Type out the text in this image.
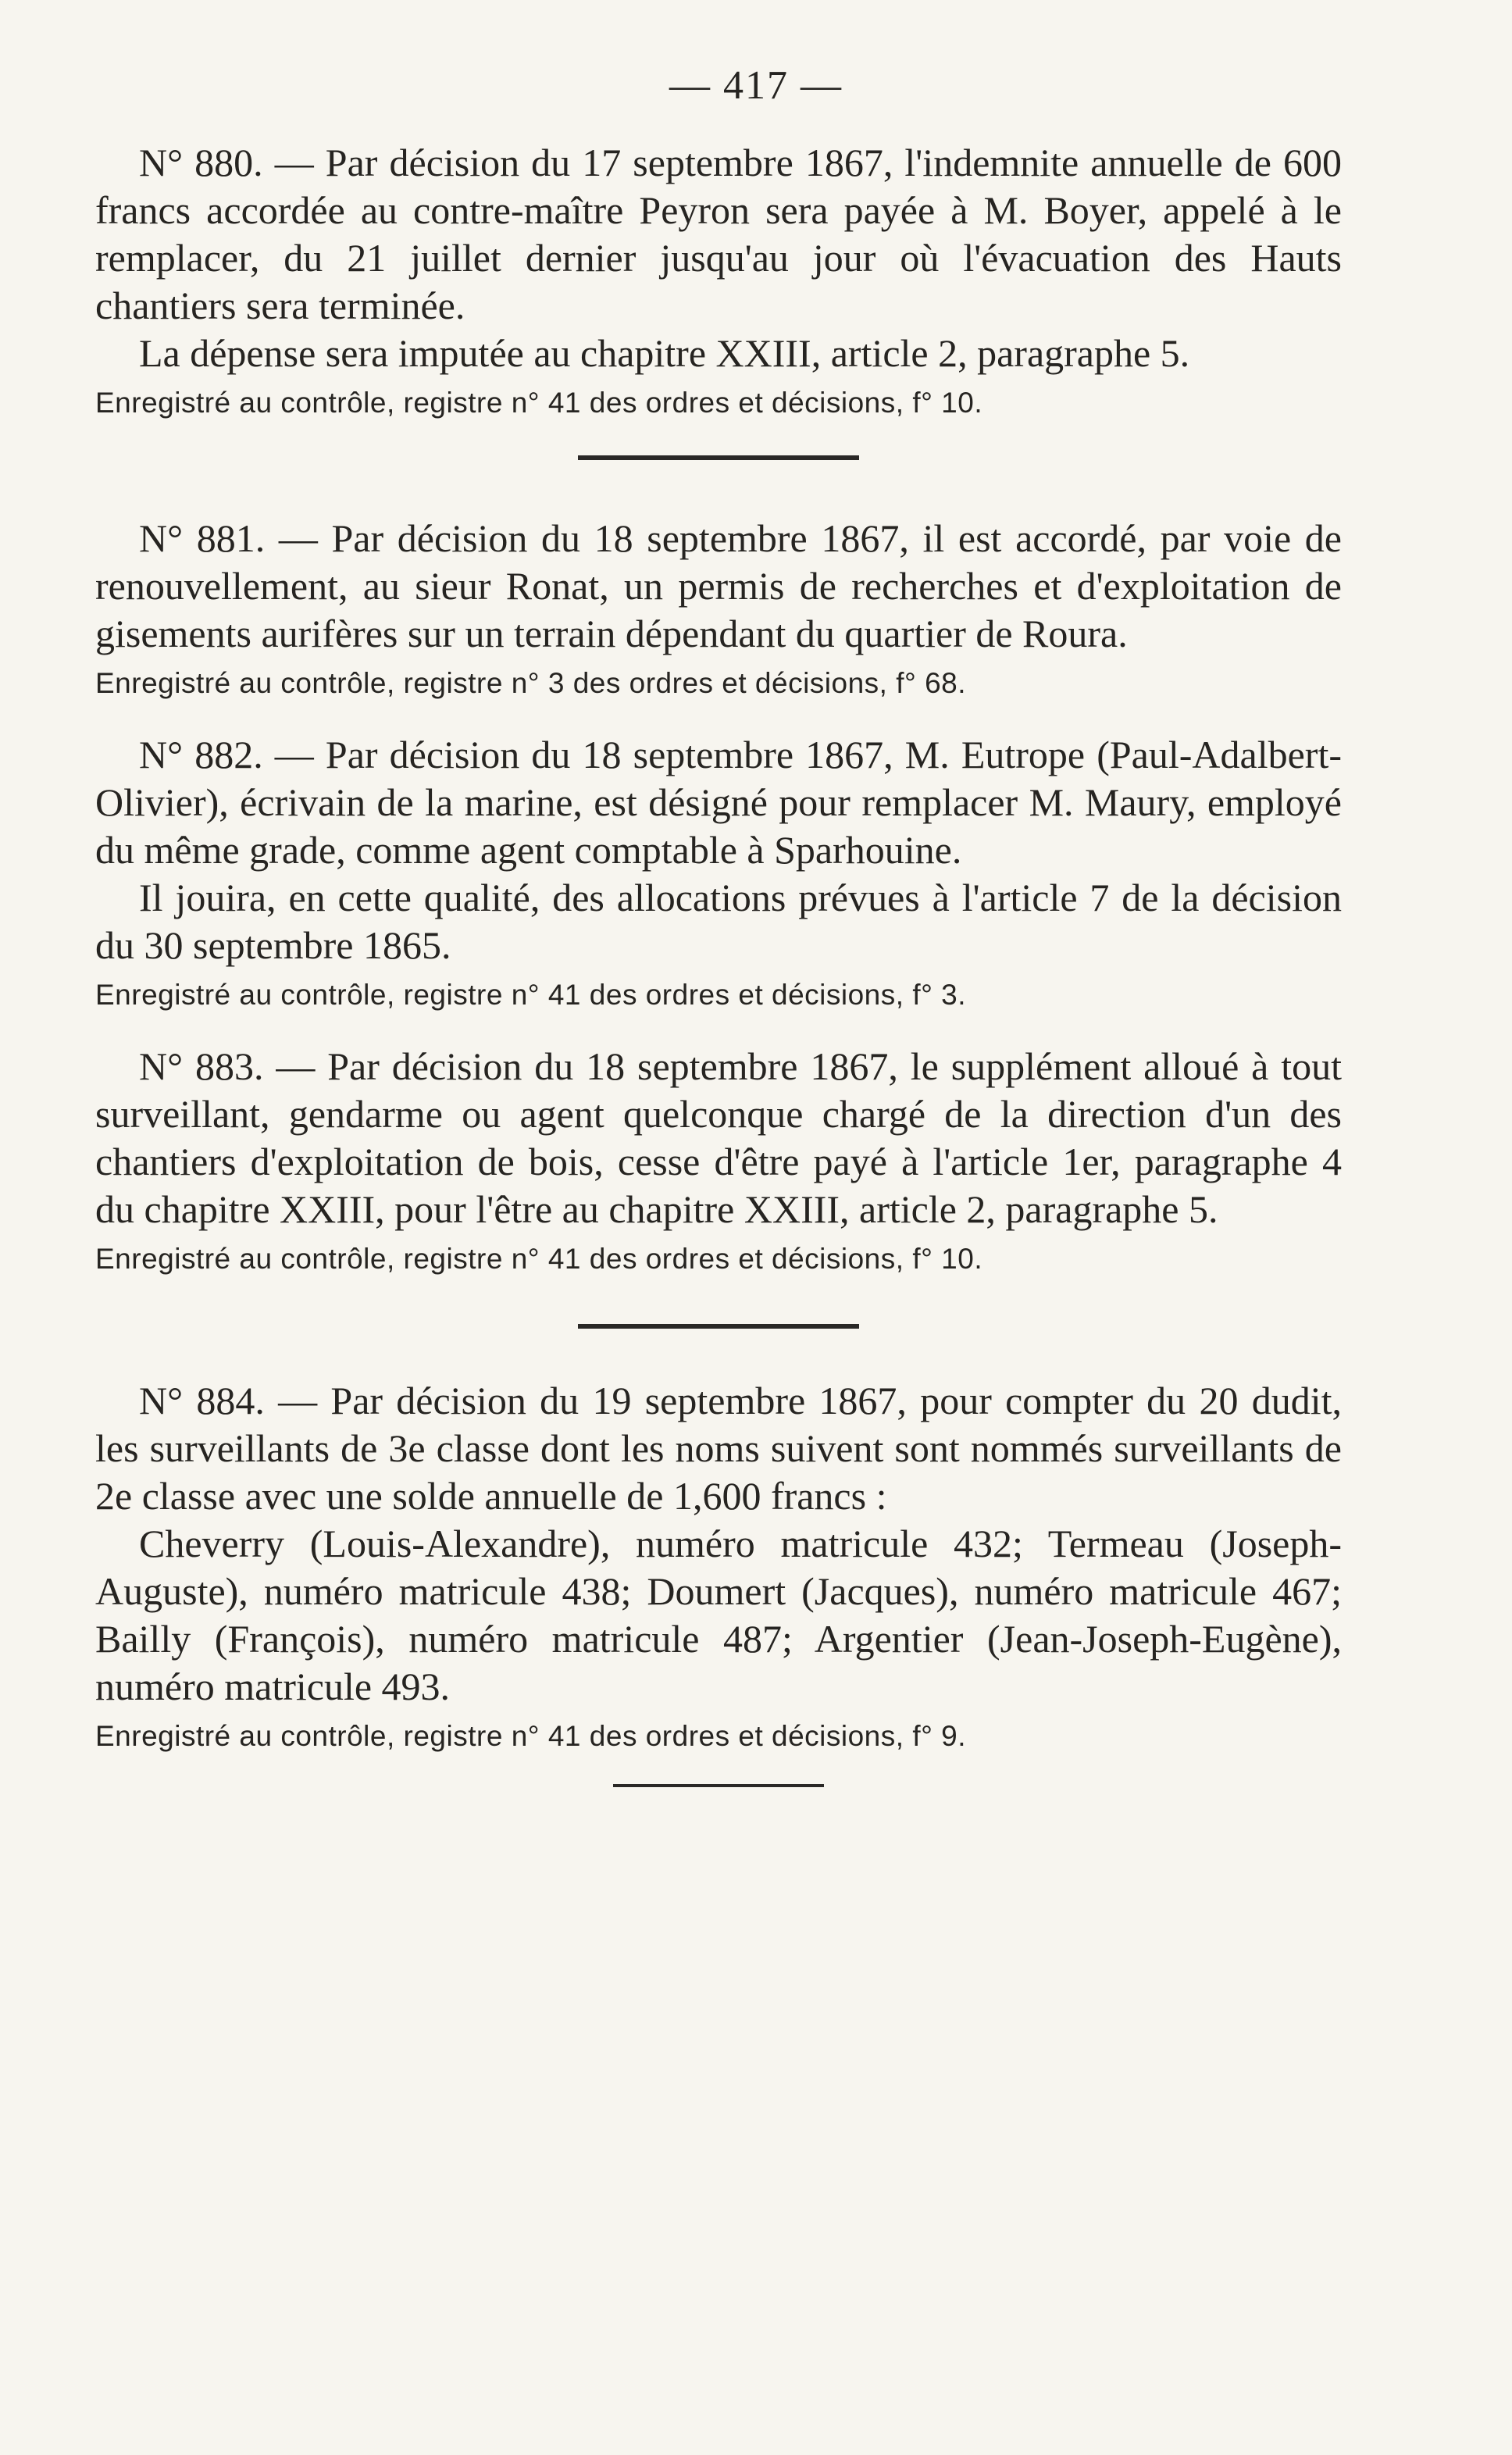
— 417 —

N° 880. — Par décision du 17 septembre 1867, l'indemnite annuelle de 600 francs accordée au contre-maître Peyron sera payée à M. Boyer, appelé à le remplacer, du 21 juillet dernier jusqu'au jour où l'évacuation des Hauts chantiers sera terminée.

La dépense sera imputée au chapitre XXIII, article 2, paragraphe 5.

Enregistré au contrôle, registre n° 41 des ordres et décisions, f° 10.

N° 881. — Par décision du 18 septembre 1867, il est accordé, par voie de renouvellement, au sieur Ronat, un permis de recherches et d'exploitation de gisements aurifères sur un terrain dépendant du quartier de Roura.

Enregistré au contrôle, registre n° 3 des ordres et décisions, f° 68.

N° 882. — Par décision du 18 septembre 1867, M. Eutrope (Paul-Adalbert-Olivier), écrivain de la marine, est désigné pour remplacer M. Maury, employé du même grade, comme agent comptable à Sparhouine.

Il jouira, en cette qualité, des allocations prévues à l'article 7 de la décision du 30 septembre 1865.

Enregistré au contrôle, registre n° 41 des ordres et décisions, f° 3.

N° 883. — Par décision du 18 septembre 1867, le supplément alloué à tout surveillant, gendarme ou agent quelconque chargé de la direction d'un des chantiers d'exploitation de bois, cesse d'être payé à l'article 1er, paragraphe 4 du chapitre XXIII, pour l'être au chapitre XXIII, article 2, paragraphe 5.

Enregistré au contrôle, registre n° 41 des ordres et décisions, f° 10.

N° 884. — Par décision du 19 septembre 1867, pour compter du 20 dudit, les surveillants de 3e classe dont les noms suivent sont nommés surveillants de 2e classe avec une solde annuelle de 1,600 francs :

Cheverry (Louis-Alexandre), numéro matricule 432; Termeau (Joseph-Auguste), numéro matricule 438; Doumert (Jacques), numéro matricule 467; Bailly (François), numéro matricule 487; Argentier (Jean-Joseph-Eugène), numéro matricule 493.

Enregistré au contrôle, registre n° 41 des ordres et décisions, f° 9.
